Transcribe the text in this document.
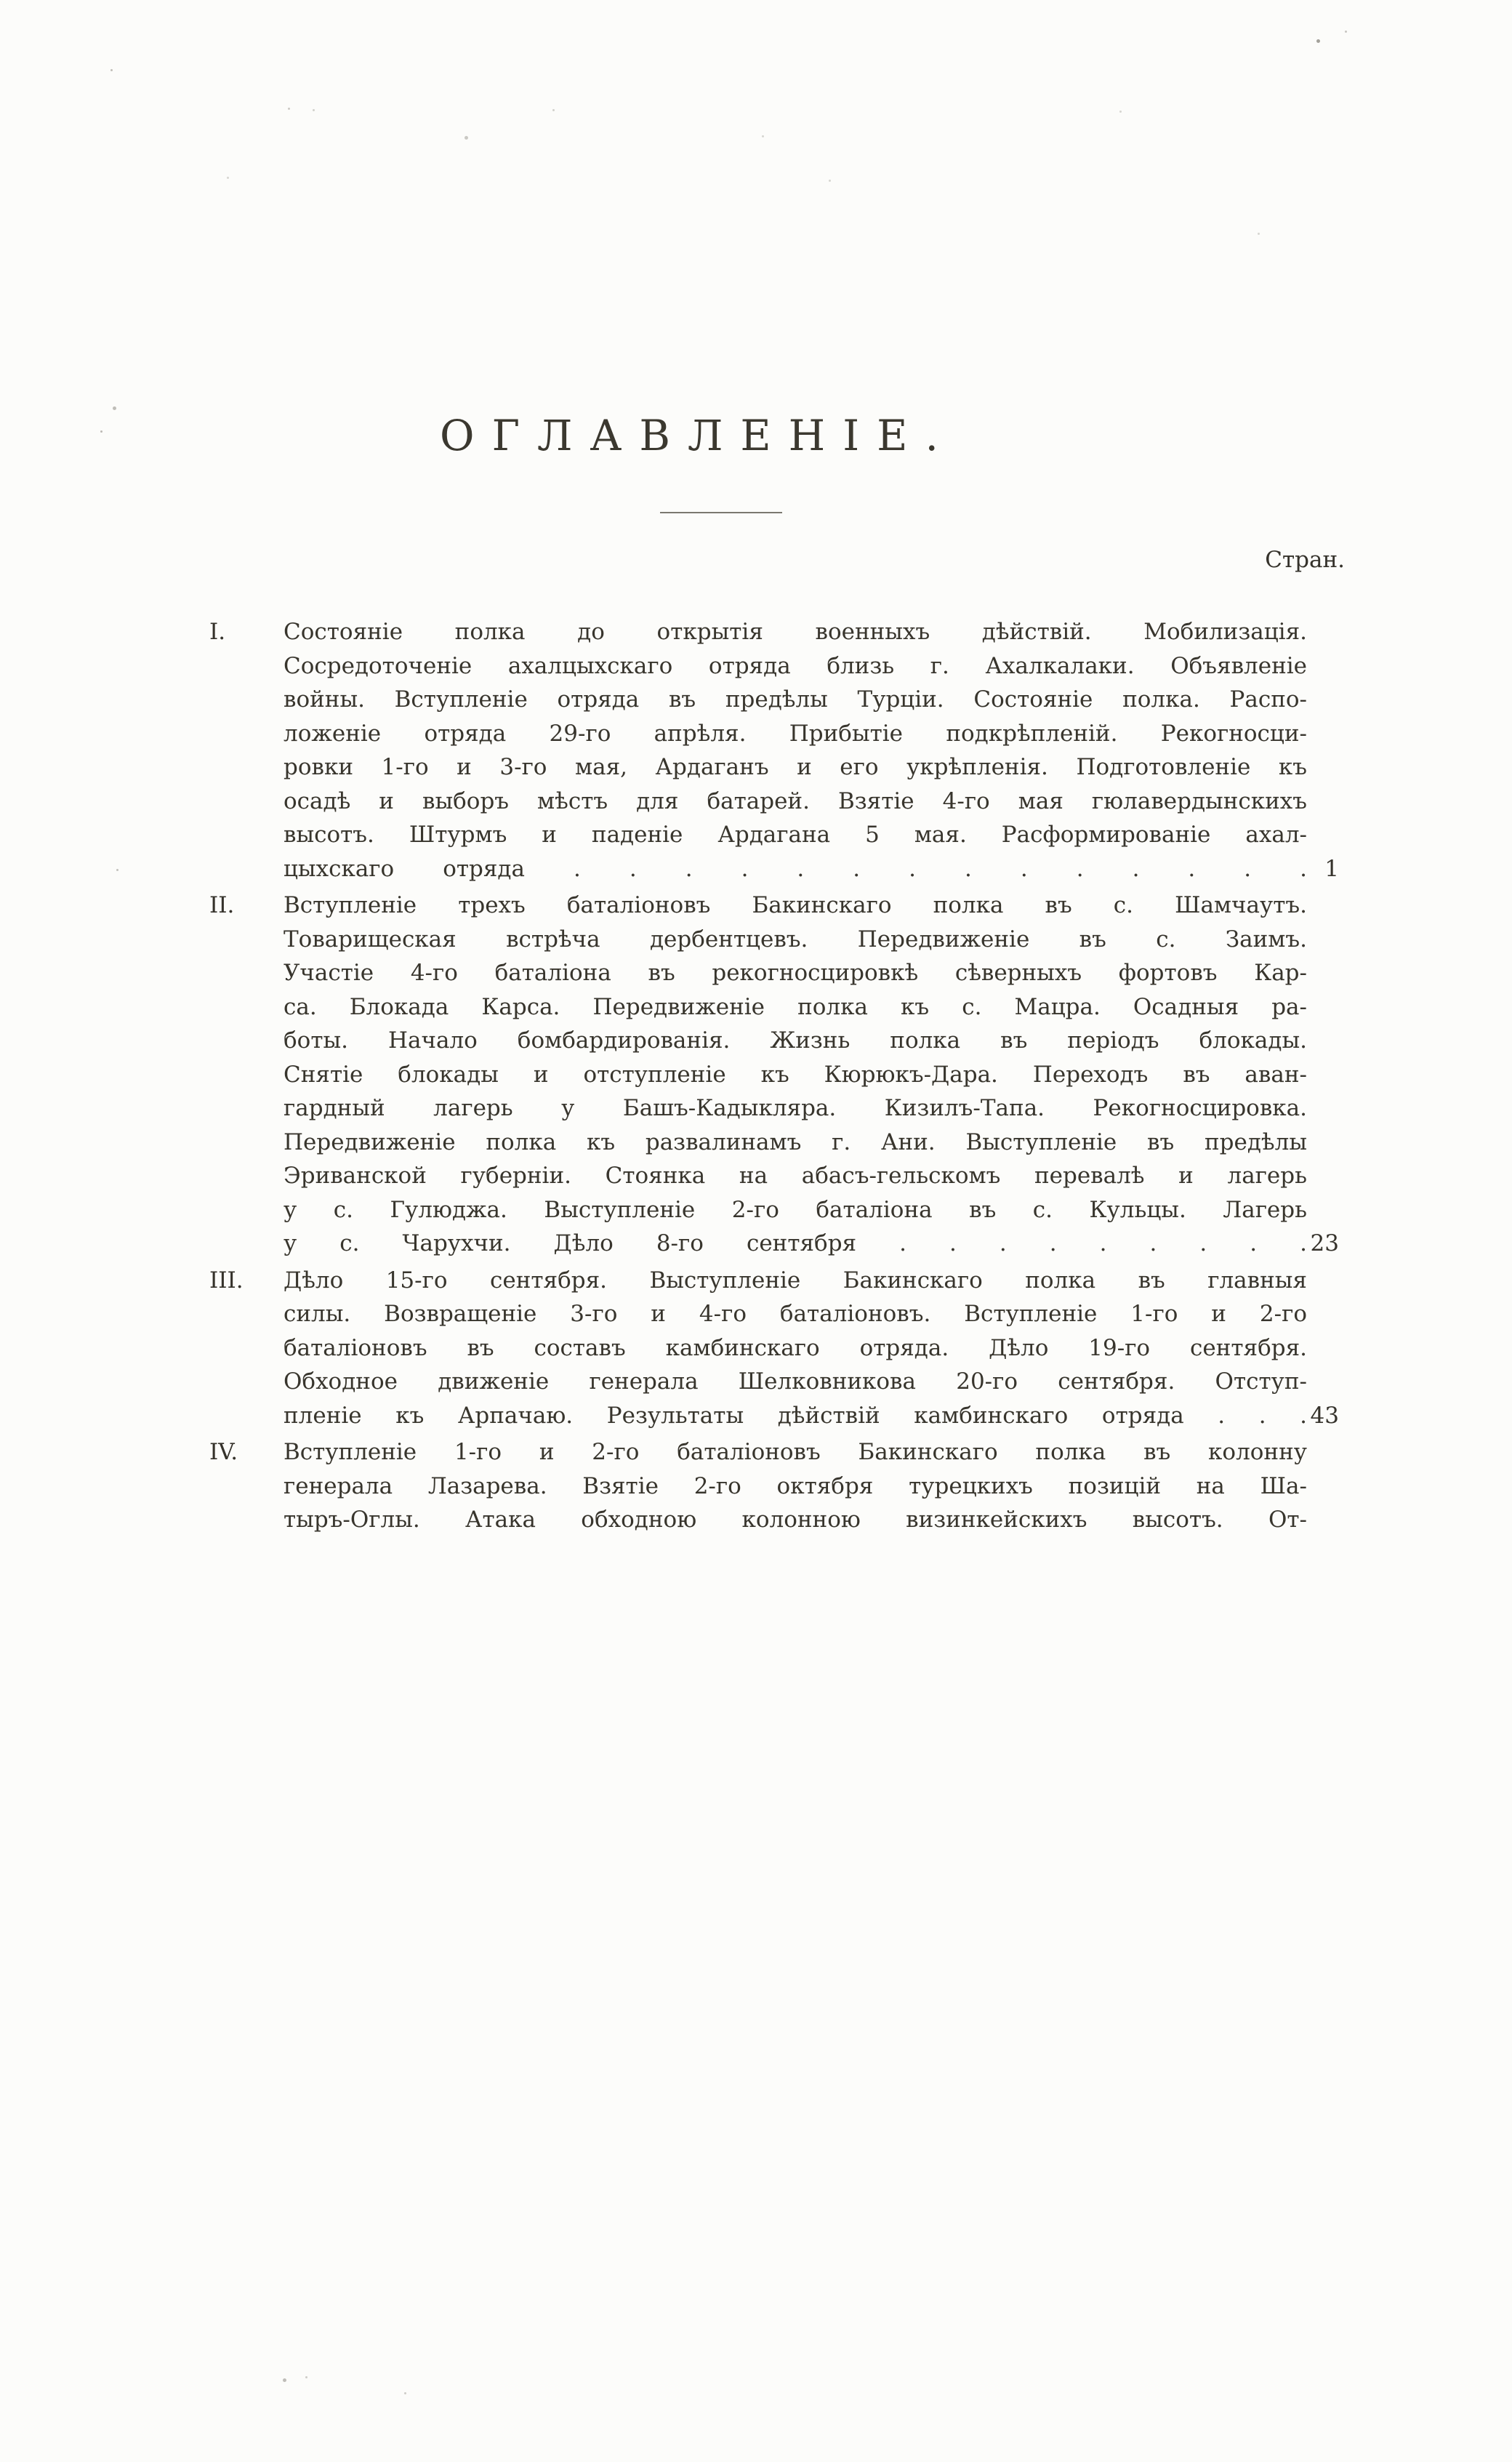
ОГЛАВЛЕНІЕ.
Стран.
I.	Состояніе полка до открытія военныхъ дѣйствій. Мобилизація.
Сосредоточеніе ахалцыхскаго отряда близь г. Ахалкалаки. Объявленіе
войны. Вступленіе отряда въ предѣлы Турціи. Состояніе полка. Распо-
ложеніе отряда 29-го апрѣля. Прибытіе подкрѣпленій. Рекогносци-
ровки 1-го и 3-го мая, Ардаганъ и его укрѣпленія. Подготовленіе къ
осадѣ и выборъ мѣстъ для батарей. Взятіе 4-го мая гюлавердынскихъ
высотъ. Штурмъ и паденіе Ардагана 5 мая. Расформированіе ахал-
цыхскаго отряда . . . . . . . . . . . . . . 1
II. Вступленіе трехъ баталіоновъ Бакинскаго полка въ с. Шамчаутъ.
Товарищеская встрѣча дербентцевъ. Передвиженіе въ с. Заимъ.
Участіе 4-го баталіона въ рекогносцировкѣ сѣверныхъ фортовъ Кар-
са. Блокада Карса. Передвиженіе полка къ с. Мацра. Осадныя ра-
боты. Начало бомбардированія. Жизнь полка въ періодъ блокады.
Снятіе блокады и отступленіе къ Кюрюкъ-Дара. Переходъ въ аван-
гардный лагерь у Башъ-Кадыкляра. Кизилъ-Тапа. Рекогносцировка.
Передвиженіе полка къ развалинамъ г. Ани. Выступленіе въ предѣлы
Эриванской губерніи. Стоянка на абасъ-гельскомъ перевалѣ и лагерь
у с. Гулюджа. Выступленіе 2-го баталіона въ с. Кульцы. Лагерь
у с. Чарухчи. Дѣло 8-го сентября . . . . . . . . . 23
III. Дѣло 15-го сентября. Выступленіе Бакинскаго полка въ главныя
силы. Возвращеніе 3-го и 4-го баталіоновъ. Вступленіе 1-го и 2-го
баталіоновъ въ составъ камбинскаго отряда. Дѣло 19-го сентября.
Обходное движеніе генерала Шелковникова 20-го сентября. Отступ-
пленіе къ Арпачаю. Результаты дѣйствій камбинскаго отряда . . . 43
IV. Вступленіе 1-го и 2-го баталіоновъ Бакинскаго полка въ колонну
генерала Лазарева. Взятіе 2-го октября турецкихъ позицій на Ша-
тыръ-Оглы. Атака обходною колонною визинкейскихъ высотъ. От-
